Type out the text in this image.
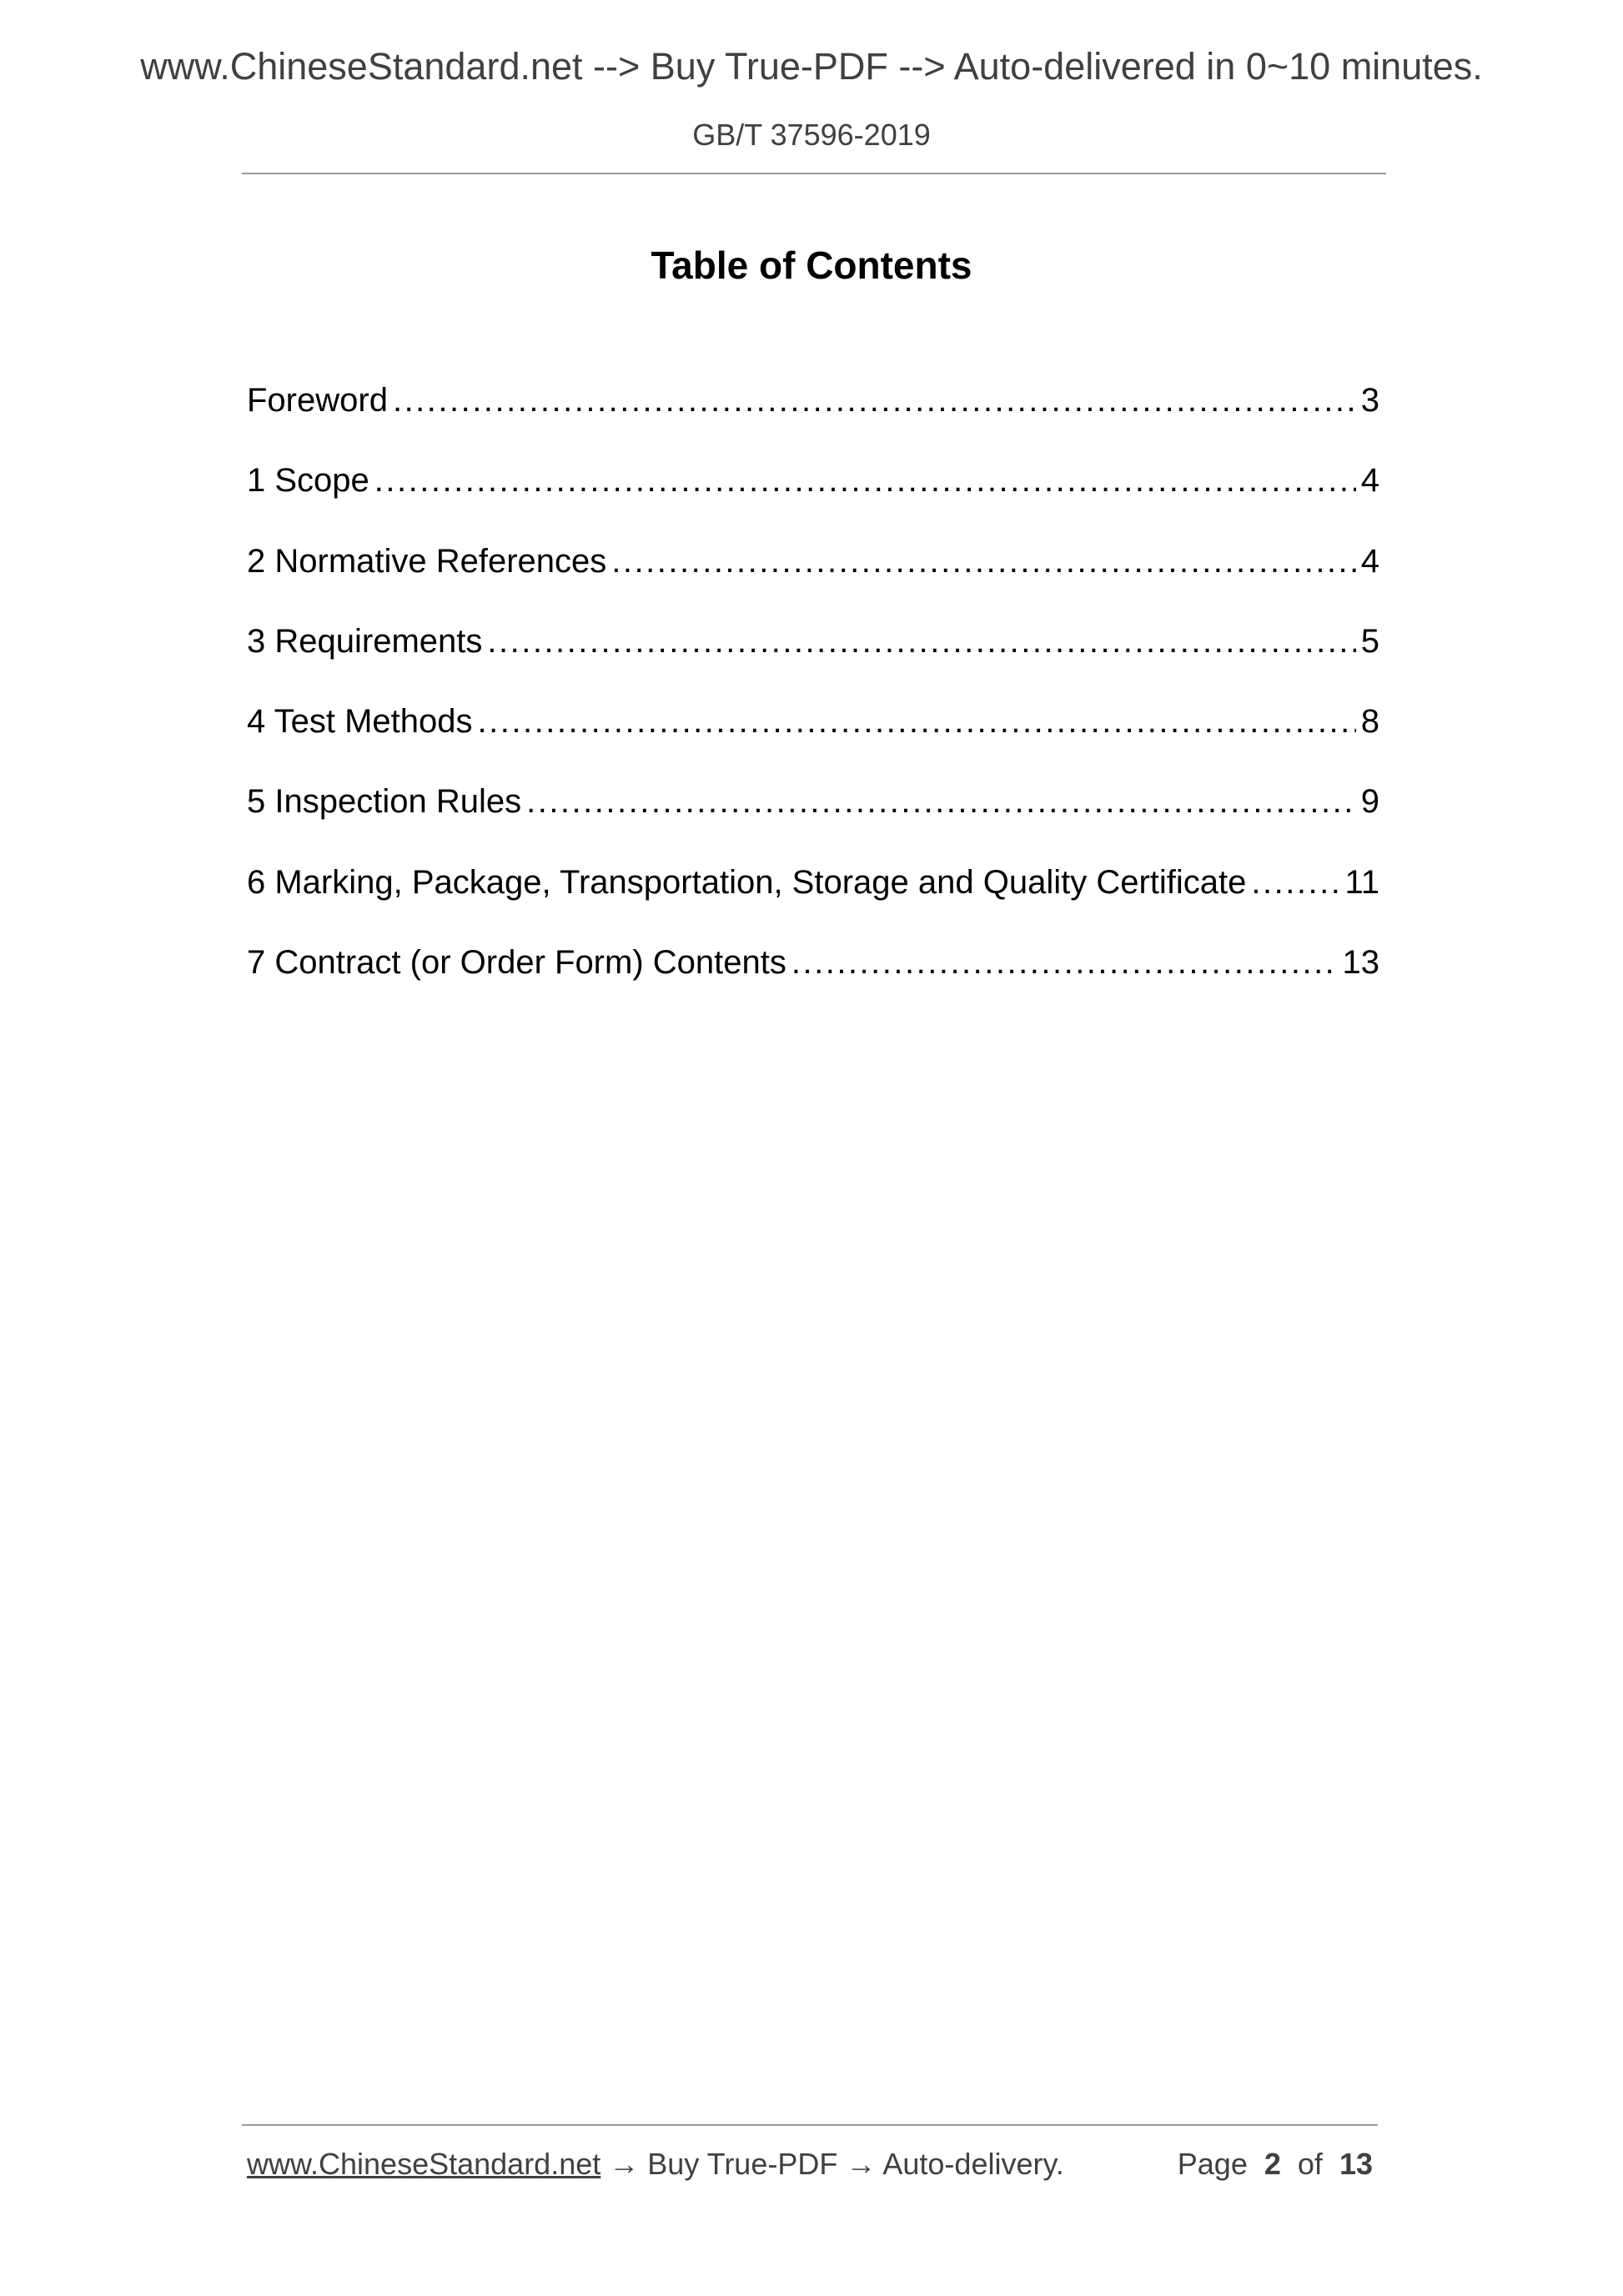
www.ChineseStandard.net --> Buy True-PDF --> Auto-delivered in 0~10 minutes.
GB/T 37596-2019
Table of Contents
Foreword .....	3
1 Scope .....	4
2 Normative References .....	4
3 Requirements .....	5
4 Test Methods .....	8
5 Inspection Rules .....	9
6 Marking, Package, Transportation, Storage and Quality Certificate .....	11
7 Contract (or Order Form) Contents .....	13
www.ChineseStandard.net → Buy True-PDF → Auto-delivery.	Page 2 of 13
